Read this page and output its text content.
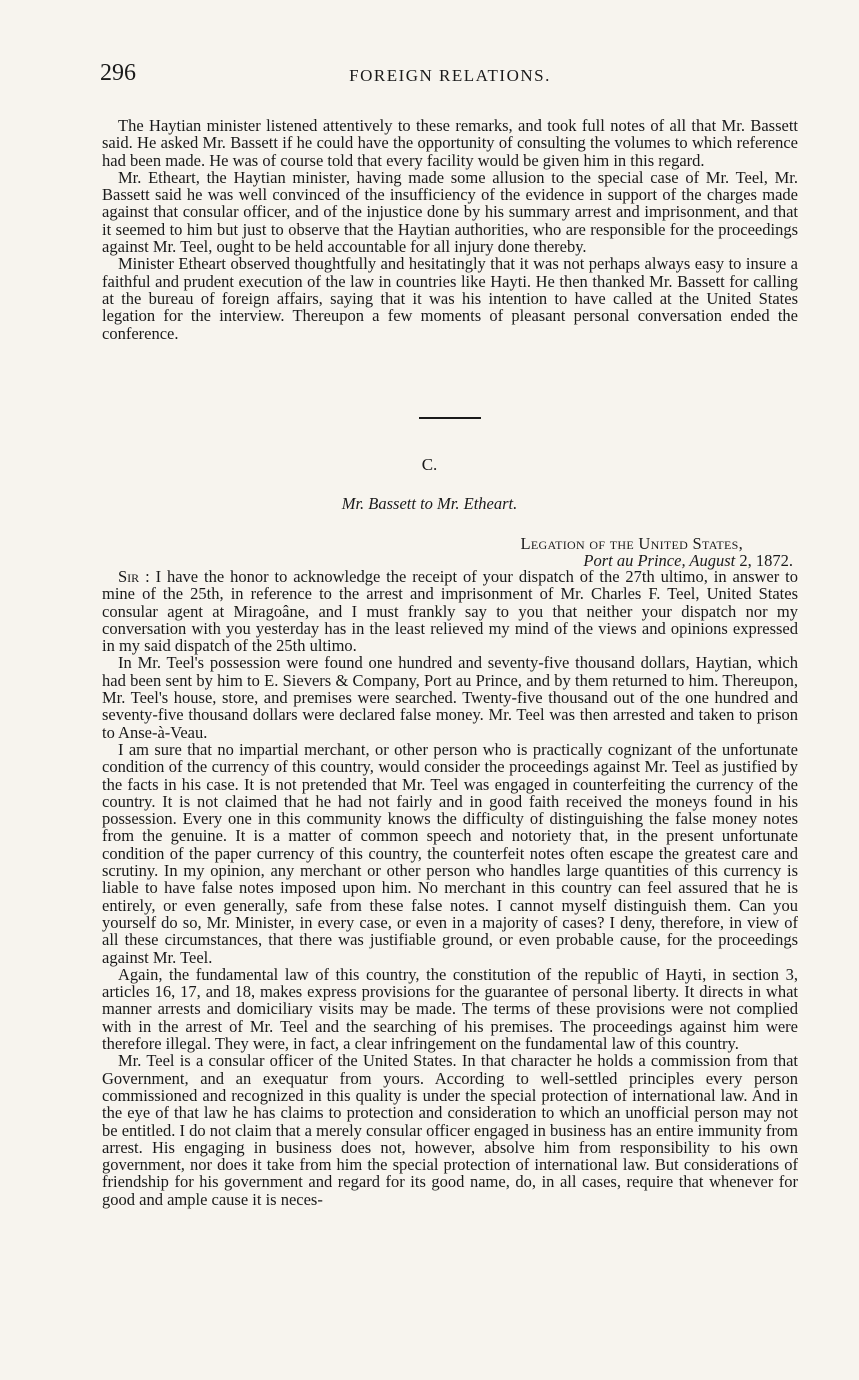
296	FOREIGN RELATIONS.

The Haytian minister listened attentively to these remarks, and took full notes of all that Mr. Bassett said. He asked Mr. Bassett if he could have the opportunity of consulting the volumes to which reference had been made. He was of course told that every facility would be given him in this regard.

Mr. Etheart, the Haytian minister, having made some allusion to the special case of Mr. Teel, Mr. Bassett said he was well convinced of the insufficiency of the evidence in support of the charges made against that consular officer, and of the injustice done by his summary arrest and imprisonment, and that it seemed to him but just to observe that the Haytian authorities, who are responsible for the proceedings against Mr. Teel, ought to be held accountable for all injury done thereby.

Minister Etheart observed thoughtfully and hesitatingly that it was not perhaps always easy to insure a faithful and prudent execution of the law in countries like Hayti. He then thanked Mr. Bassett for calling at the bureau of foreign affairs, saying that it was his intention to have called at the United States legation for the interview. Thereupon a few moments of pleasant personal conversation ended the conference.

C.
Mr. Bassett to Mr. Etheart.
Legation of the United States,
Port au Prince, August 2, 1872.

Sir : I have the honor to acknowledge the receipt of your dispatch of the 27th ultimo, in answer to mine of the 25th, in reference to the arrest and imprisonment of Mr. Charles F. Teel, United States consular agent at Miragoâne, and I must frankly say to you that neither your dispatch nor my conversation with you yesterday has in the least relieved my mind of the views and opinions expressed in my said dispatch of the 25th ultimo.

In Mr. Teel's possession were found one hundred and seventy-five thousand dollars, Haytian, which had been sent by him to E. Sievers & Company, Port au Prince, and by them returned to him. Thereupon, Mr. Teel's house, store, and premises were searched. Twenty-five thousand out of the one hundred and seventy-five thousand dollars were declared false money. Mr. Teel was then arrested and taken to prison to Anse-à-Veau.

I am sure that no impartial merchant, or other person who is practically cognizant of the unfortunate condition of the currency of this country, would consider the proceedings against Mr. Teel as justified by the facts in his case. It is not pretended that Mr. Teel was engaged in counterfeiting the currency of the country. It is not claimed that he had not fairly and in good faith received the moneys found in his possession. Every one in this community knows the difficulty of distinguishing the false money notes from the genuine. It is a matter of common speech and notoriety that, in the present unfortunate condition of the paper currency of this country, the counterfeit notes often escape the greatest care and scrutiny. In my opinion, any merchant or other person who handles large quantities of this currency is liable to have false notes imposed upon him. No merchant in this country can feel assured that he is entirely, or even generally, safe from these false notes. I cannot myself distinguish them. Can you yourself do so, Mr. Minister, in every case, or even in a majority of cases? I deny, therefore, in view of all these circumstances, that there was justifiable ground, or even probable cause, for the proceedings against Mr. Teel.

Again, the fundamental law of this country, the constitution of the republic of Hayti, in section 3, articles 16, 17, and 18, makes express provisions for the guarantee of personal liberty. It directs in what manner arrests and domiciliary visits may be made. The terms of these provisions were not complied with in the arrest of Mr. Teel and the searching of his premises. The proceedings against him were therefore illegal. They were, in fact, a clear infringement on the fundamental law of this country.

Mr. Teel is a consular officer of the United States. In that character he holds a commission from that Government, and an exequatur from yours. According to well-settled principles every person commissioned and recognized in this quality is under the special protection of international law. And in the eye of that law he has claims to protection and consideration to which an unofficial person may not be entitled. I do not claim that a merely consular officer engaged in business has an entire immunity from arrest. His engaging in business does not, however, absolve him from responsibility to his own government, nor does it take from him the special protection of international law. But considerations of friendship for his government and regard for its good name, do, in all cases, require that whenever for good and ample cause it is neces-
